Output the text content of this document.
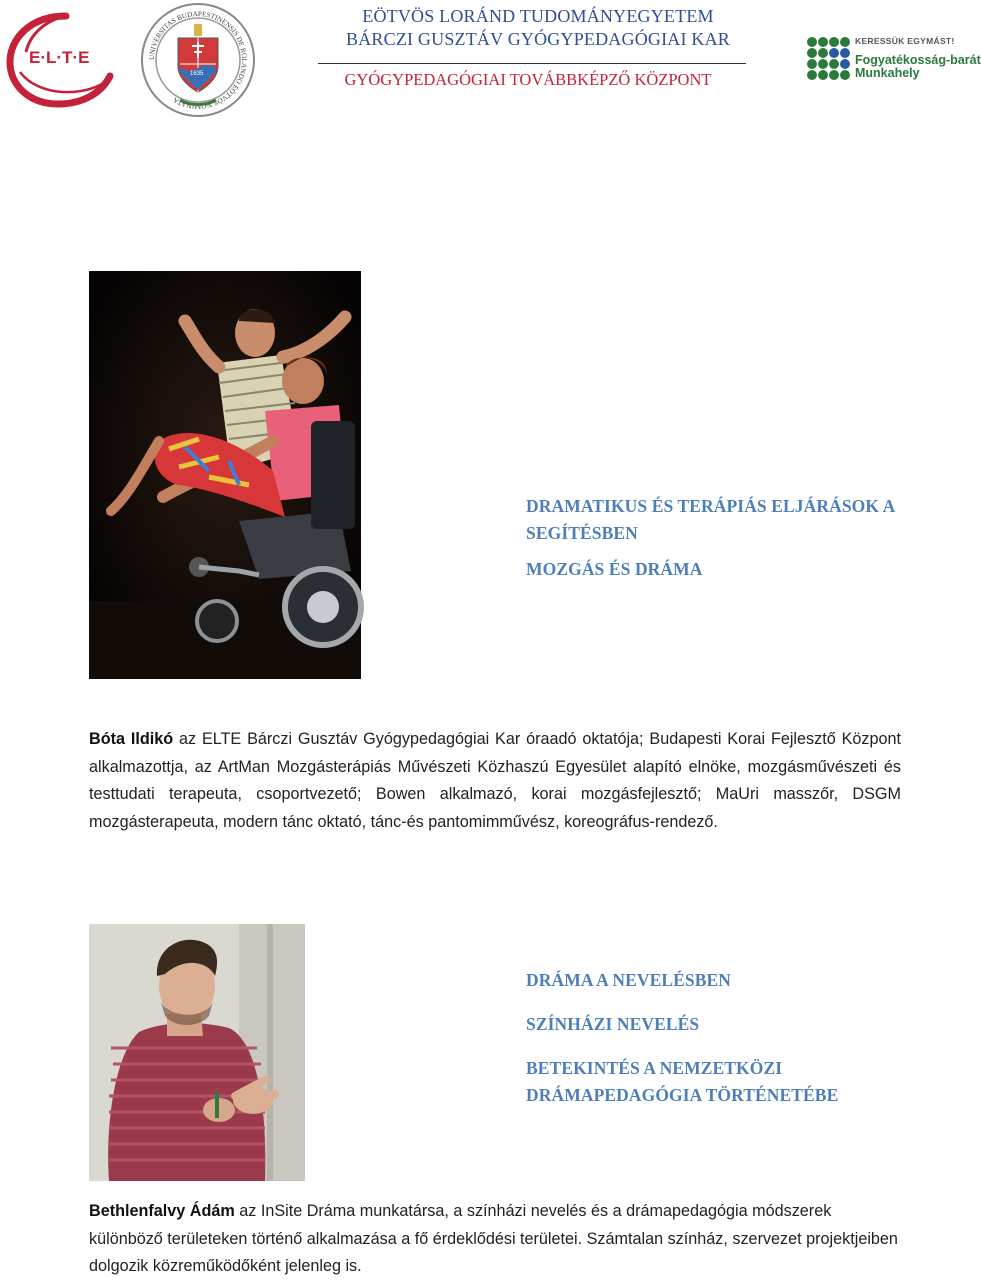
E·L·T·E
1635
UNIVERSITAS BUDAPESTINENSIS DE ROLANDO EÖTVÖS NOMINATA
EÖTVÖS LORÁND TUDOMÁNYEGYETEM
BÁRCZI GUSZTÁV GYÓGYPEDAGÓGIAI KAR
GYÓGYPEDAGÓGIAI TOVÁBBKÉPZŐ KÖZPONT
KERESSÜK EGYMÁST!
Fogyatékosság-barát
Munkahely
DRAMATIKUS ÉS TERÁPIÁS ELJÁRÁSOK A SEGÍTÉSBEN
MOZGÁS ÉS DRÁMA
Bóta Ildikó az ELTE Bárczi Gusztáv Gyógypedagógiai Kar óraadó oktatója; Budapesti Korai Fejlesztő Központ alkalmazottja, az ArtMan Mozgásterápiás Művészeti Közhaszú Egyesület alapító elnöke, mozgásművészeti és testtudati terapeuta, csoportvezető; Bowen alkalmazó, korai mozgásfejlesztő; MaUri masszőr, DSGM mozgásterapeuta, modern tánc oktató, tánc-és pantomimművész, koreográfus-rendező.
DRÁMA A NEVELÉSBEN
SZÍNHÁZI NEVELÉS
BETEKINTÉS A NEMZETKÖZI DRÁMAPEDAGÓGIA TÖRTÉNETÉBE
Bethlenfalvy Ádám az InSite Dráma munkatársa, a színházi nevelés és a drámapedagógia módszerek különböző területeken történő alkalmazása a fő érdeklődési területei. Számtalan színház, szervezet projektjeiben dolgozik közreműködőként jelenleg is.
